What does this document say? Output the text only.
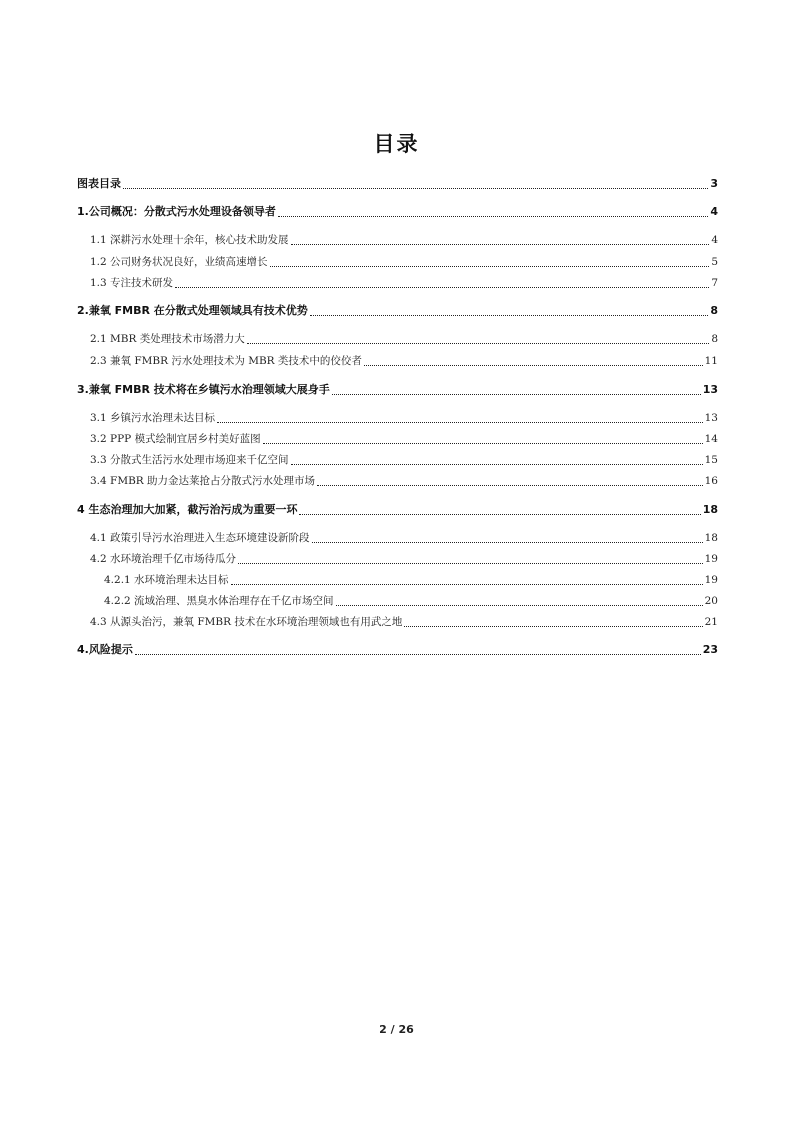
目录
图表目录	3
1.公司概况：分散式污水处理设备领导者	4
1.1 深耕污水处理十余年，核心技术助发展	4
1.2 公司财务状况良好，业绩高速增长	5
1.3 专注技术研发	7
2.兼氧 FMBR 在分散式处理领域具有技术优势	8
2.1 MBR 类处理技术市场潜力大	8
2.3 兼氧 FMBR 污水处理技术为 MBR 类技术中的佼佼者	11
3.兼氧 FMBR 技术将在乡镇污水治理领域大展身手	13
3.1 乡镇污水治理未达目标	13
3.2 PPP 模式绘制宜居乡村美好蓝图	14
3.3 分散式生活污水处理市场迎来千亿空间	15
3.4 FMBR 助力金达莱抢占分散式污水处理市场	16
4 生态治理加大加紧，截污治污成为重要一环	18
4.1 政策引导污水治理进入生态环境建设新阶段	18
4.2 水环境治理千亿市场待瓜分	19
4.2.1 水环境治理未达目标	19
4.2.2 流域治理、黑臭水体治理存在千亿市场空间	20
4.3 从源头治污，兼氧 FMBR 技术在水环境治理领域也有用武之地	21
4.风险提示	23
2 / 26
